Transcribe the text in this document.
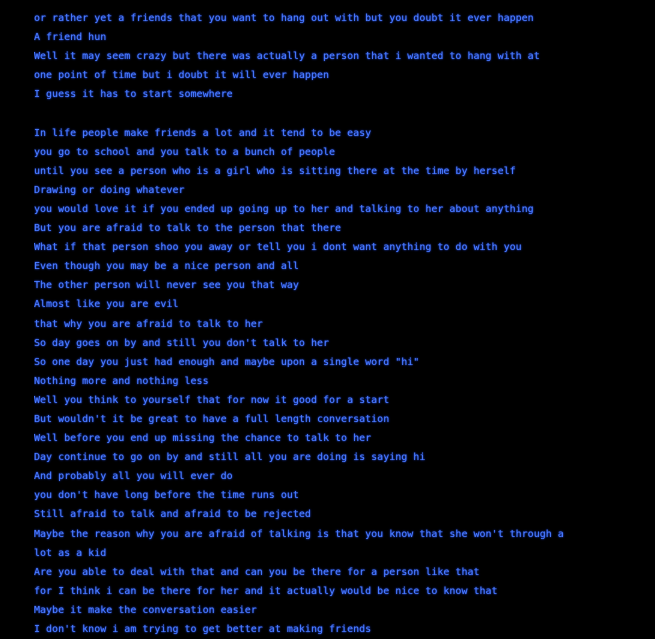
or rather yet a friends that you want to hang out with but you doubt it ever happen
A friend hun
Well it may seem crazy but there was actually a person that i wanted to hang with at
one point of time but i doubt it will ever happen
I guess it has to start somewhere
In life people make friends a lot and it tend to be easy
you go to school and you talk to a bunch of people
until you see a person who is a girl who is sitting there at the time by herself
Drawing or doing whatever
you would love it if you ended up going up to her and talking to her about anything
But you are afraid to talk to the person that there
What if that person shoo you away or tell you i dont want anything to do with you
Even though you may be a nice person and all
The other person will never see you that way
Almost like you are evil
that why you are afraid to talk to her
So day goes on by and still you don't talk to her
So one day you just had enough and maybe upon a single word "hi"
Nothing more and nothing less
Well you think to yourself that for now it good for a start
But wouldn't it be great to have a full length conversation
Well before you end up missing the chance to talk to her
Day continue to go on by and still all you are doing is saying hi
And probably all you will ever do
you don't have long before the time runs out
Still afraid to talk and afraid to be rejected
Maybe the reason why you are afraid of talking is that you know that she won't through a
lot as a kid
Are you able to deal with that and can you be there for a person like that
for I think i can be there for her and it actually would be nice to know that
Maybe it make the conversation easier
I don't know i am trying to get better at making friends
